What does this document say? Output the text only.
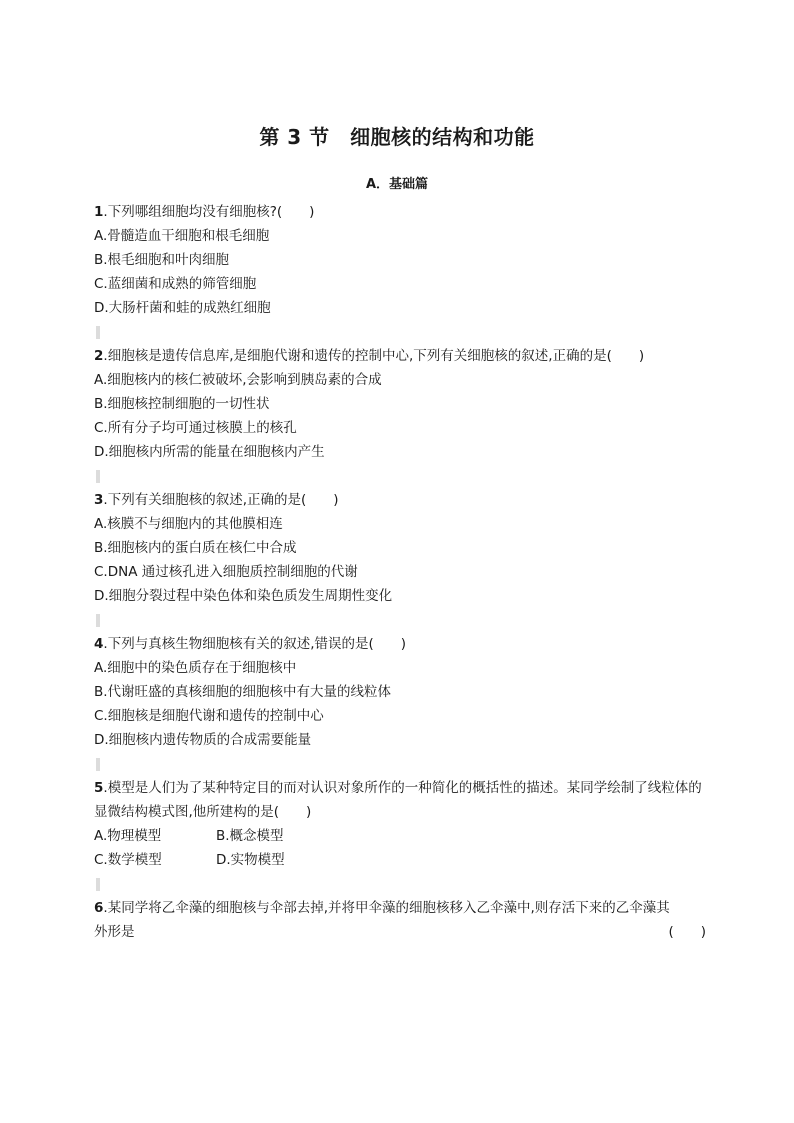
第 3 节　细胞核的结构和功能
A．基础篇

1.下列哪组细胞均没有细胞核?(　　)

A.骨髓造血干细胞和根毛细胞

B.根毛细胞和叶肉细胞

C.蓝细菌和成熟的筛管细胞

D.大肠杆菌和蛙的成熟红细胞

2.细胞核是遗传信息库,是细胞代谢和遗传的控制中心,下列有关细胞核的叙述,正确的是(　　)

A.细胞核内的核仁被破坏,会影响到胰岛素的合成

B.细胞核控制细胞的一切性状

C.所有分子均可通过核膜上的核孔

D.细胞核内所需的能量在细胞核内产生

3.下列有关细胞核的叙述,正确的是(　　)

A.核膜不与细胞内的其他膜相连

B.细胞核内的蛋白质在核仁中合成

C.DNA 通过核孔进入细胞质控制细胞的代谢

D.细胞分裂过程中染色体和染色质发生周期性变化

4.下列与真核生物细胞核有关的叙述,错误的是(　　)

A.细胞中的染色质存在于细胞核中

B.代谢旺盛的真核细胞的细胞核中有大量的线粒体

C.细胞核是细胞代谢和遗传的控制中心

D.细胞核内遗传物质的合成需要能量

5.模型是人们为了某种特定目的而对认识对象所作的一种简化的概括性的描述。某同学绘制了线粒体的显微结构模式图,他所建构的是(　　)

A.物理模型	B.概念模型
C.数学模型	D.实物模型

6.某同学将乙伞藻的细胞核与伞部去掉,并将甲伞藻的细胞核移入乙伞藻中,则存活下来的乙伞藻其

外形是	(　　)
